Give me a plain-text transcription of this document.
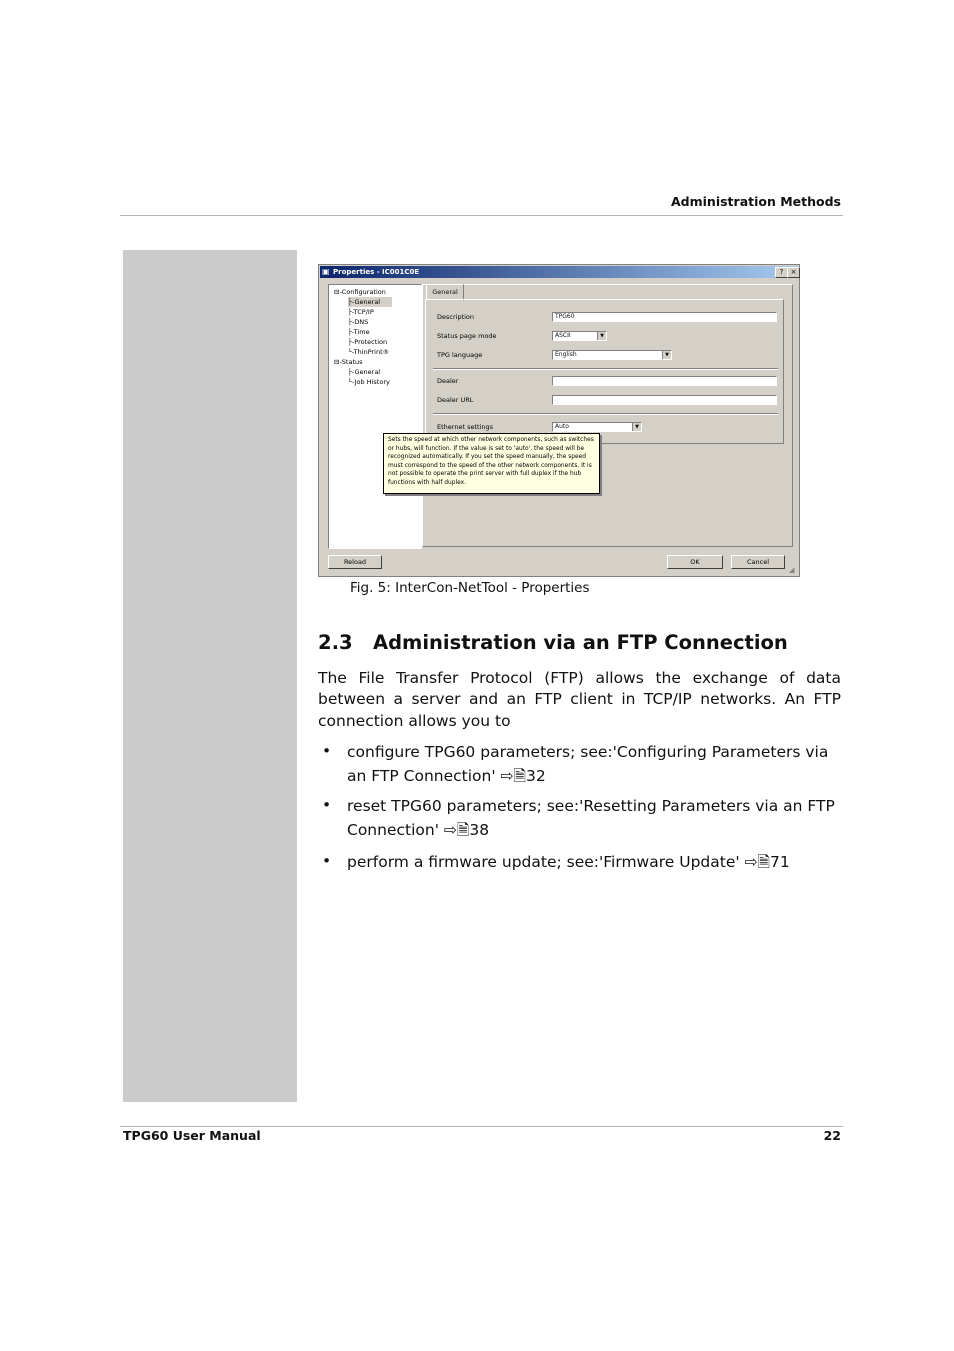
Administration Methods
▣ Properties - IC001C0E	?	×
⊟-Configuration
├-General
├-TCP/IP
├-DNS
├-Time
├-Protection
└-ThinPrint®
⊟-Status
├-General
└-Job History
General
Description	TPG60
Status page mode	ASCII	▼
TPG language	English	▼
Dealer
Dealer URL
Ethernet settings	Auto	▼
Sets the speed at which other network components, such as switches or hubs, will function. If the value is set to 'auto', the speed will be recognized automatically. If you set the speed manually, the speed must correspond to the speed of the other network components. It is not possible to operate the print server with full duplex if the hub functions with half duplex.
Reload	OK	Cancel
◢
Fig. 5: InterCon-NetTool - Properties
2.3 Administration via an FTP Connection
The File Transfer Protocol (FTP) allows the exchange of data between a server and an FTP client in TCP/IP networks. An FTP connection allows you to
• configure TPG60 parameters; see:'Configuring Parameters via an FTP Connection' ⇨🗎32
• reset TPG60 parameters; see:'Resetting Parameters via an FTP Connection' ⇨🗎38
• perform a firmware update; see:'Firmware Update' ⇨🗎71
TPG60 User Manual	22
